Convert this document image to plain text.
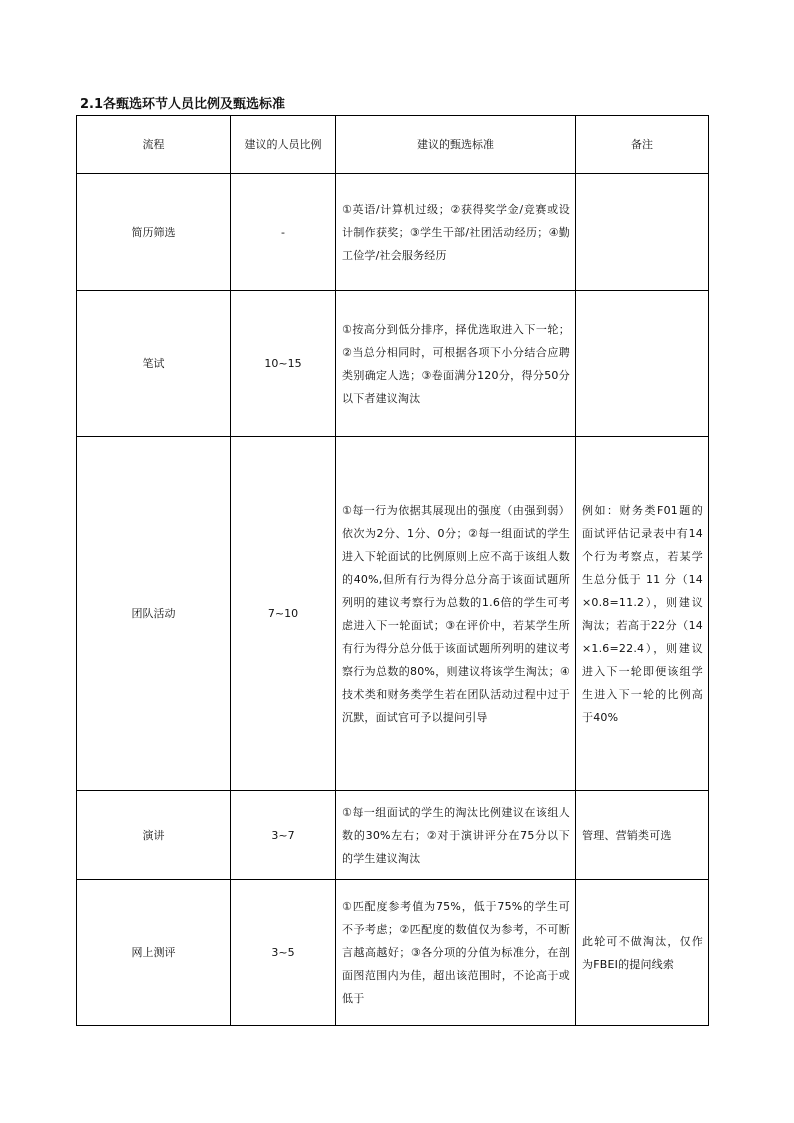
2.1各甄选环节人员比例及甄选标准
流程	建议的人员比例	建议的甄选标准	备注
简历筛选	-	①英语/计算机过级；②获得奖学金/竞赛或设计制作获奖；③学生干部/社团活动经历；④勤工俭学/社会服务经历	
笔试	10~15	①按高分到低分排序，择优选取进入下一轮；②当总分相同时，可根据各项下小分结合应聘类别确定人选；③卷面满分120分，得分50分以下者建议淘汰	
团队活动	7~10	①每一行为依据其展现出的强度（由强到弱）依次为2分、1分、0分；②每一组面试的学生进入下轮面试的比例原则上应不高于该组人数的40%,但所有行为得分总分高于该面试题所列明的建议考察行为总数的1.6倍的学生可考虑进入下一轮面试；③在评价中，若某学生所有行为得分总分低于该面试题所列明的建议考察行为总数的80%，则建议将该学生淘汰；④技术类和财务类学生若在团队活动过程中过于沉默，面试官可予以提问引导	例如：财务类F01题的面试评估记录表中有14个行为考察点，若某学生总分低于 11 分（14×0.8=11.2），则建议淘汰；若高于22分（14×1.6=22.4），则建议进入下一轮即便该组学生进入下一轮的比例高于40%
演讲	3~7	①每一组面试的学生的淘汰比例建议在该组人数的30%左右；②对于演讲评分在75分以下的学生建议淘汰	管理、营销类可选
网上测评	3~5	①匹配度参考值为75%，低于75%的学生可不予考虑；②匹配度的数值仅为参考，不可断言越高越好；③各分项的分值为标准分，在剖面图范围内为佳，超出该范围时，不论高于或低于	此轮可不做淘汰，仅作为FBEI的提问线索
